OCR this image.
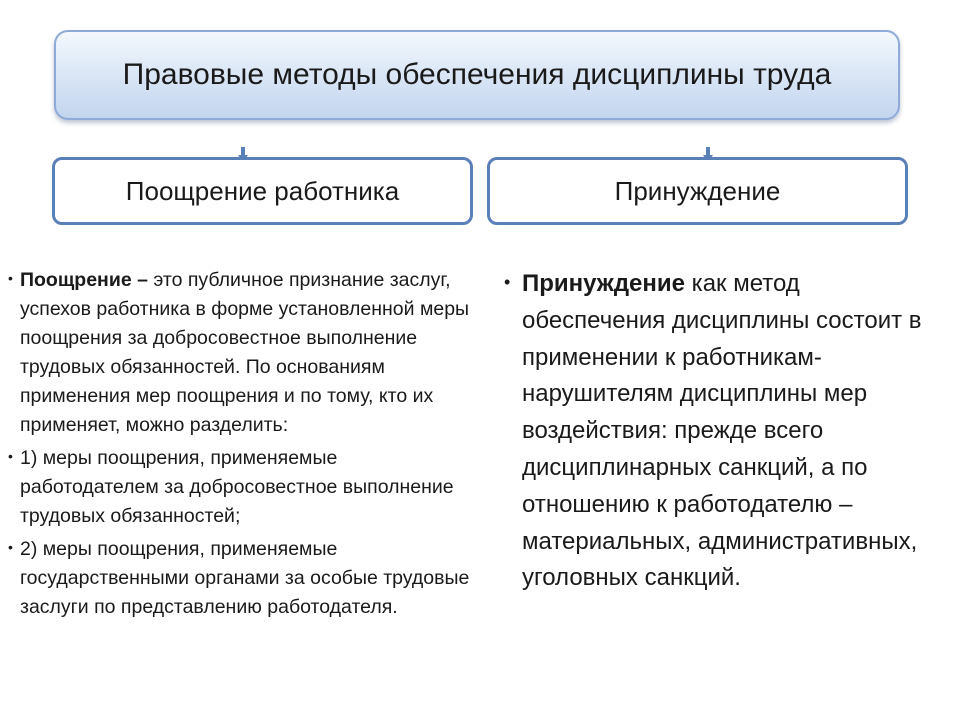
Правовые методы обеспечения дисциплины труда
Поощрение работника	Принуждение
• Поощрение – это публичное признание заслуг, успехов работника в форме установленной меры поощрения за добросовестное выполнение трудовых обязанностей. По основаниям применения мер поощрения и по тому, кто их применяет, можно разделить:
• 1) меры поощрения, применяемые работодателем за добросовестное выполнение трудовых обязанностей;
• 2) меры поощрения, применяемые государственными органами за особые трудовые заслуги по представлению работодателя.
• Принуждение как метод обеспечения дисциплины состоит в применении к работникам-нарушителям дисциплины мер воздействия: прежде всего дисциплинарных санкций, а по отношению к работодателю – материальных, административных, уголовных санкций.
